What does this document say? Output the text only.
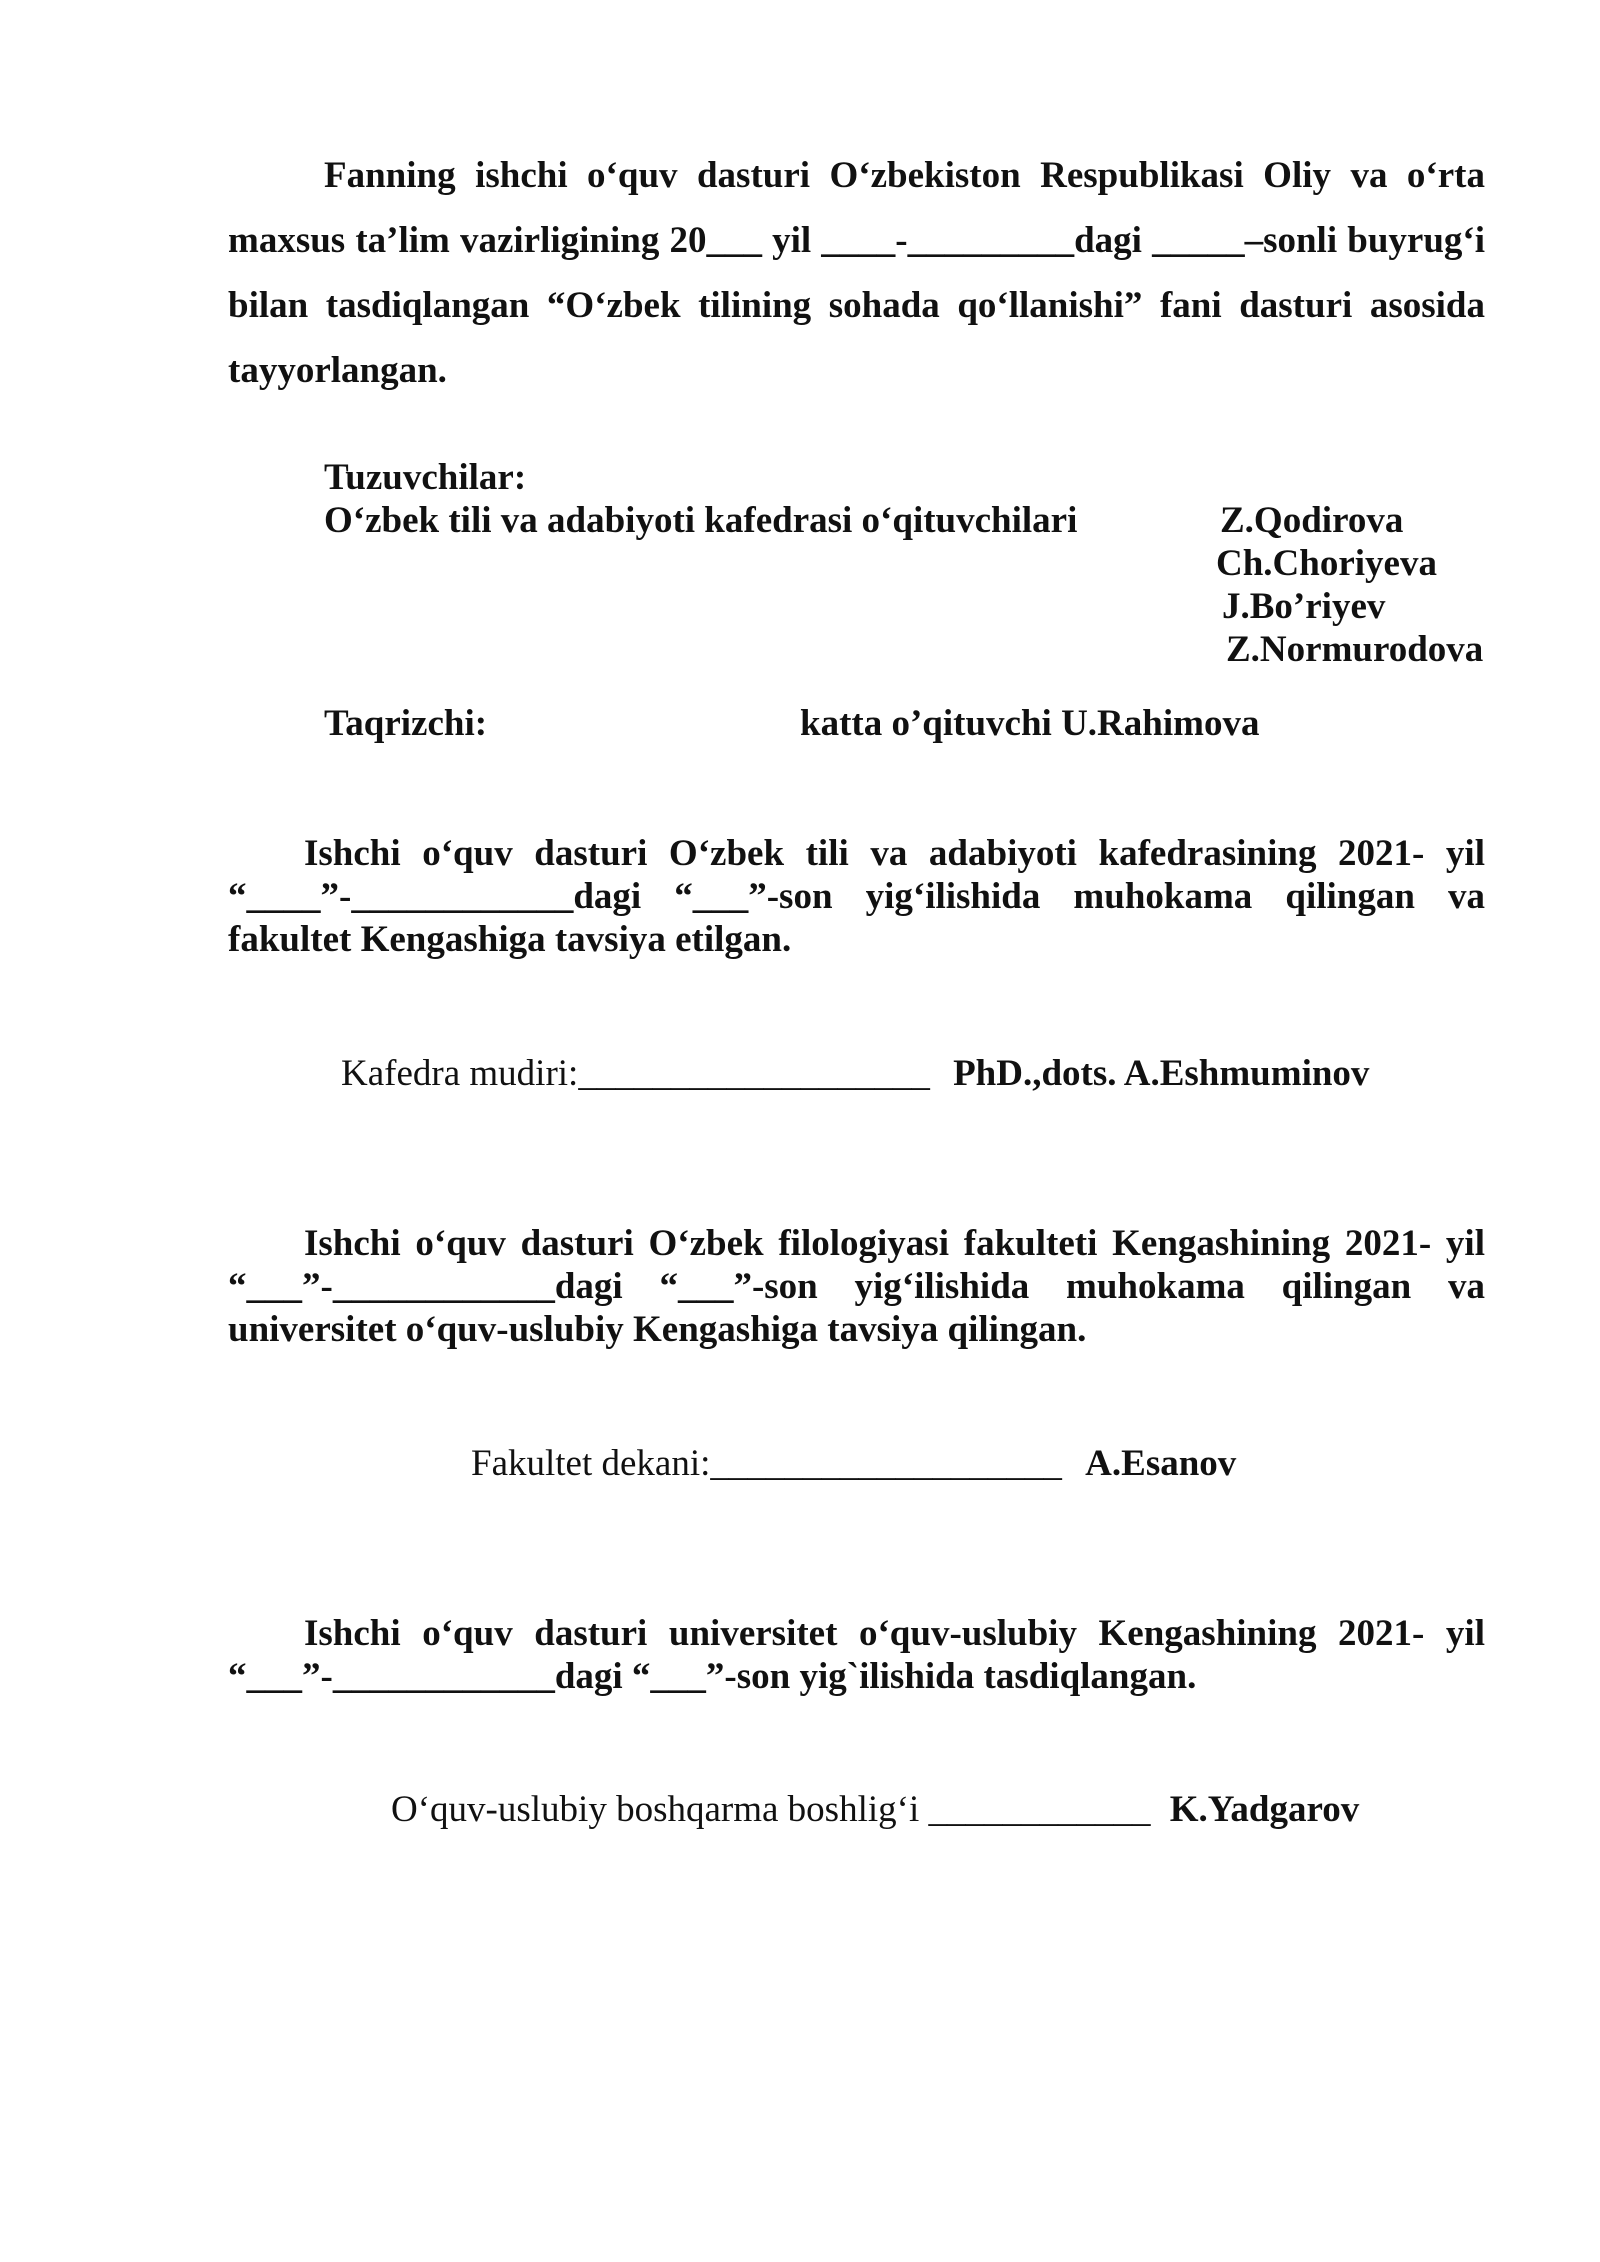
Fanning ishchi o‘quv dasturi O‘zbekiston Respublikasi Oliy va o‘rta maxsus ta’lim vazirligining 20___ yil ____-_________dagi _____–sonli buyrug‘i bilan tasdiqlangan “O‘zbek tilining sohada qo‘llanishi” fani dasturi asosida tayyorlangan.
Tuzuvchilar:
O‘zbek tili va adabiyoti kafedrasi o‘qituvchilari	Z.Qodirova
Ch.Choriyeva
J.Bo’riyev
Z.Normurodova
Taqrizchi:	katta o’qituvchi U.Rahimova
Ishchi o‘quv dasturi O‘zbek tili va adabiyoti kafedrasining 2021- yil “____”-____________dagi “___”-son yig‘ilishida muhokama qilingan va fakultet Kengashiga tavsiya etilgan.
Kafedra mudiri:___________________ PhD.,dots. A.Eshmuminov
Ishchi o‘quv dasturi O‘zbek filologiyasi fakulteti Kengashining 2021- yil “___”-____________dagi “___”-son yig‘ilishida muhokama qilingan va universitet o‘quv-uslubiy Kengashiga tavsiya qilingan.
Fakultet dekani:___________________ A.Esanov
Ishchi o‘quv dasturi universitet o‘quv-uslubiy Kengashining 2021- yil “___”-____________dagi “___”-son yig`ilishida tasdiqlangan.
O‘quv-uslubiy boshqarma boshlig‘i ____________ K.Yadgarov
